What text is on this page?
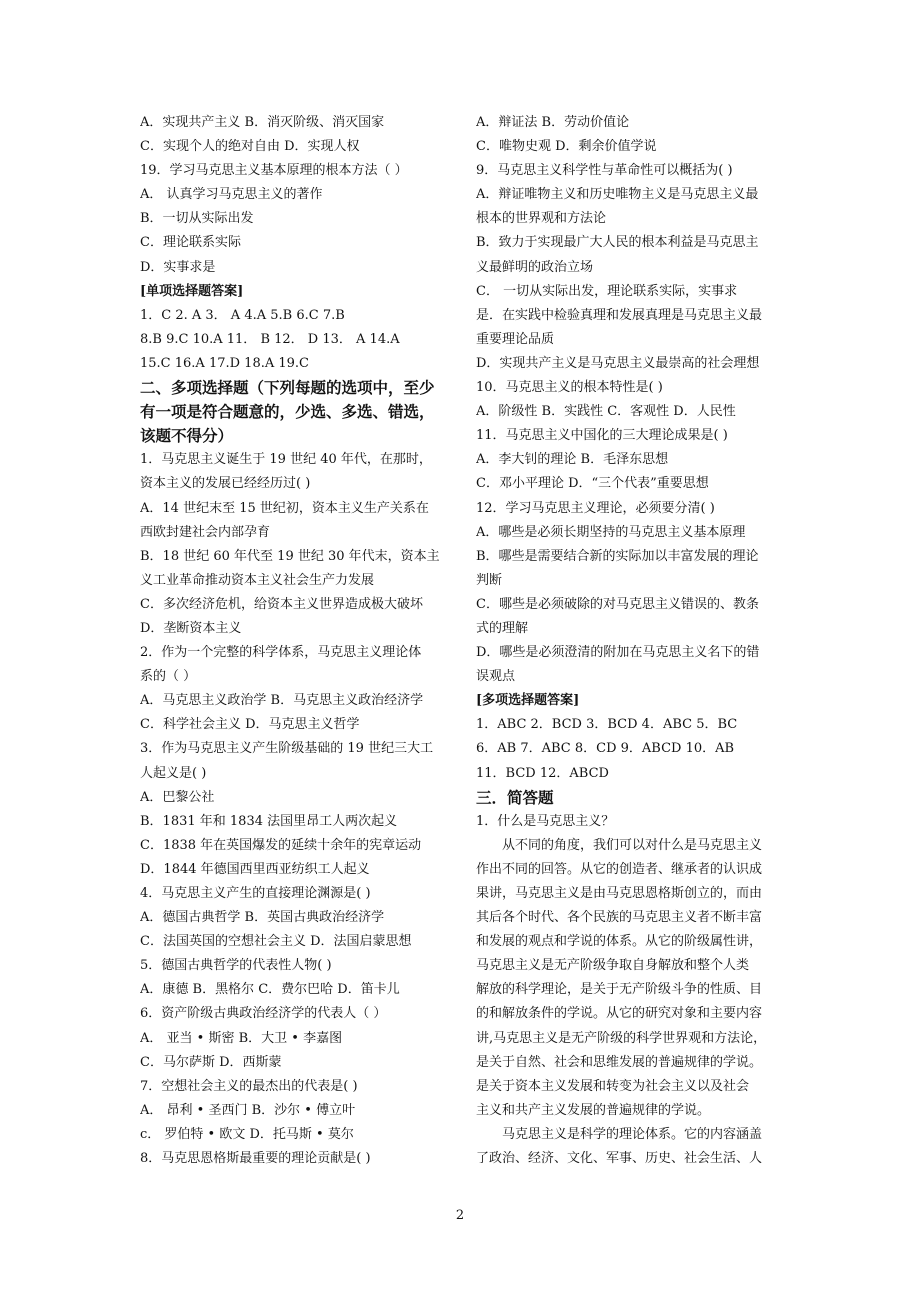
A．实现共产主义 B．消灭阶级、消灭国家
C．实现个人的绝对自由 D．实现人权
19．学习马克思主义基本原理的根本方法（ ）
A． 认真学习马克思主义的著作
B．一切从实际出发
C．理论联系实际
D．实事求是
[单项选择题答案]
1．C 2. A 3． A 4.A 5.B 6.C 7.B
8.B 9.C 10.A 11． B 12． D 13． A 14.A
15.C 16.A 17.D 18.A 19.C
二、多项选择题（下列每题的选项中，至少
有一项是符合题意的，少选、多选、错选，
该题不得分）
1．马克思主义诞生于 19 世纪 40 年代，在那时，
资本主义的发展已经经历过( )
A．14 世纪末至 15 世纪初，资本主义生产关系在
西欧封建社会内部孕育
B．18 世纪 60 年代至 19 世纪 30 年代末，资本主
义工业革命推动资本主义社会生产力发展
C．多次经济危机，给资本主义世界造成极大破坏
D．垄断资本主义
2．作为一个完整的科学体系，马克思主义理论体
系的（ ）
A．马克思主义政治学 B．马克思主义政治经济学
C．科学社会主义 D．马克思主义哲学
3．作为马克思主义产生阶级基础的 19 世纪三大工
人起义是( )
A．巴黎公社
B．1831 年和 1834 法国里昂工人两次起义
C．1838 年在英国爆发的延续十余年的宪章运动
D．1844 年德国西里西亚纺织工人起义
4．马克思主义产生的直接理论渊源是( )
A．德国古典哲学 B．英国古典政治经济学
C．法国英国的空想社会主义 D．法国启蒙思想
5．德国古典哲学的代表性人物( )
A．康德 B．黑格尔 C．费尔巴哈 D．笛卡儿
6．资产阶级古典政治经济学的代表人（ ）
A． 亚当 • 斯密 B．大卫 • 李嘉图
C．马尔萨斯 D．西斯蒙
7．空想社会主义的最杰出的代表是( )
A． 昂利 • 圣西门 B．沙尔 • 傅立叶
c． 罗伯特 • 欧文 D．托马斯 • 莫尔
8．马克思恩格斯最重要的理论贡献是( )
A．辩证法 B．劳动价值论
C．唯物史观 D．剩余价值学说
9．马克思主义科学性与革命性可以概括为( )
A．辩证唯物主义和历史唯物主义是马克思主义最
根本的世界观和方法论
B．致力于实现最广大人民的根本利益是马克思主
义最鲜明的政治立场
C． 一切从实际出发，理论联系实际，实事求
是．在实践中检验真理和发展真理是马克思主义最
重要理论品质
D．实现共产主义是马克思主义最崇高的社会理想
10．马克思主义的根本特性是( )
A．阶级性 B．实践性 C．客观性 D．人民性
11．马克思主义中国化的三大理论成果是( )
A．李大钊的理论 B．毛泽东思想
C．邓小平理论 D．“三个代表”重要思想
12．学习马克思主义理论，必须要分清( )
A．哪些是必须长期坚持的马克思主义基本原理
B．哪些是需要结合新的实际加以丰富发展的理论
判断
C．哪些是必须破除的对马克思主义错误的、教条
式的理解
D．哪些是必须澄清的附加在马克思主义名下的错
误观点
[多项选择题答案]
1．ABC 2．BCD 3．BCD 4．ABC 5．BC
6．AB 7．ABC 8．CD 9．ABCD 10．AB
11．BCD 12．ABCD
三．简答题
1．什么是马克思主义？
从不同的角度，我们可以对什么是马克思主义
作出不同的回答。从它的创造者、继承者的认识成
果讲，马克思主义是由马克思恩格斯创立的，而由
其后各个时代、各个民族的马克思主义者不断丰富
和发展的观点和学说的体系。从它的阶级属性讲，
马克思主义是无产阶级争取自身解放和整个人类
解放的科学理论，是关于无产阶级斗争的性质、目
的和解放条件的学说。从它的研究对象和主要内容
讲,马克思主义是无产阶级的科学世界观和方法论，
是关于自然、社会和思维发展的普遍规律的学说。
是关于资本主义发展和转变为社会主义以及社会
主义和共产主义发展的普遍规律的学说。
马克思主义是科学的理论体系。它的内容涵盖
了政治、经济、文化、军事、历史、社会生活、人
2
